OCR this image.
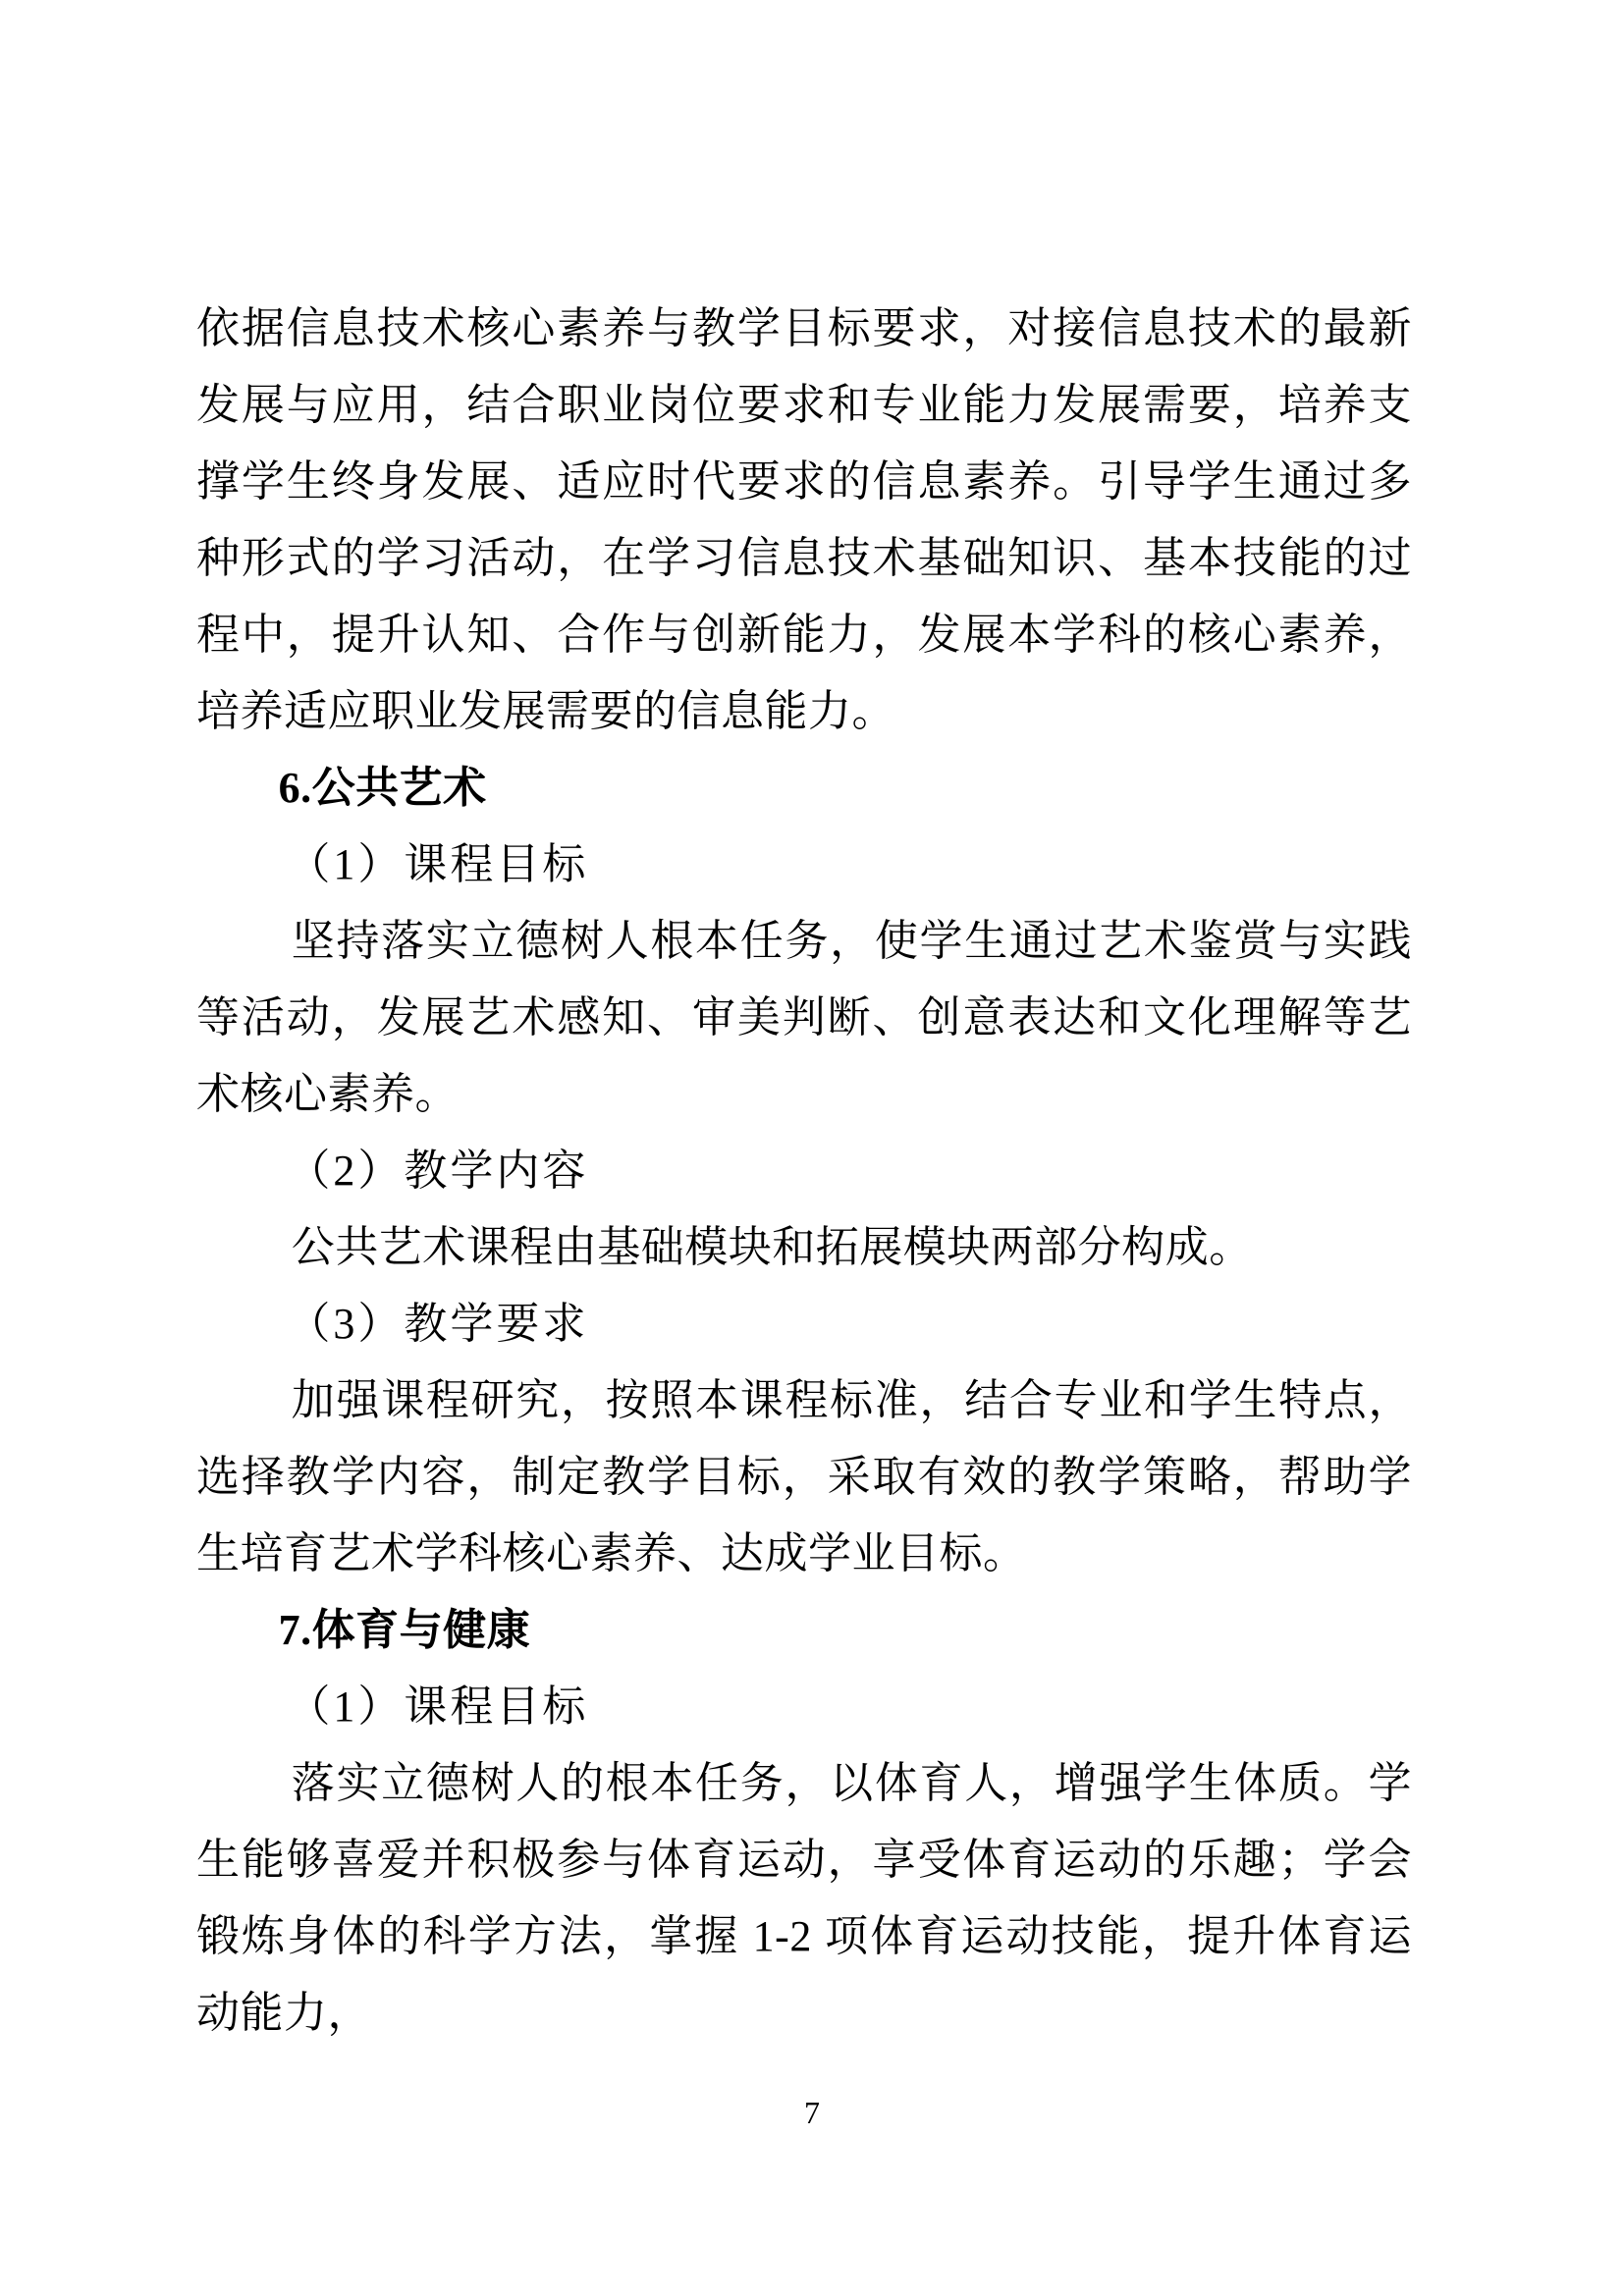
依据信息技术核心素养与教学目标要求，对接信息技术的最新发展与应用，结合职业岗位要求和专业能力发展需要，培养支撑学生终身发展、适应时代要求的信息素养。引导学生通过多种形式的学习活动，在学习信息技术基础知识、基本技能的过程中，提升认知、合作与创新能力，发展本学科的核心素养，培养适应职业发展需要的信息能力。

6.公共艺术

（1）课程目标

坚持落实立德树人根本任务，使学生通过艺术鉴赏与实践等活动，发展艺术感知、审美判断、创意表达和文化理解等艺术核心素养。

（2）教学内容

公共艺术课程由基础模块和拓展模块两部分构成。

（3）教学要求

加强课程研究，按照本课程标准，结合专业和学生特点，选择教学内容，制定教学目标，采取有效的教学策略，帮助学生培育艺术学科核心素养、达成学业目标。

7.体育与健康

（1）课程目标

落实立德树人的根本任务，以体育人，增强学生体质。学生能够喜爱并积极参与体育运动，享受体育运动的乐趣；学会锻炼身体的科学方法，掌握 1-2 项体育运动技能，提升体育运动能力，

7
